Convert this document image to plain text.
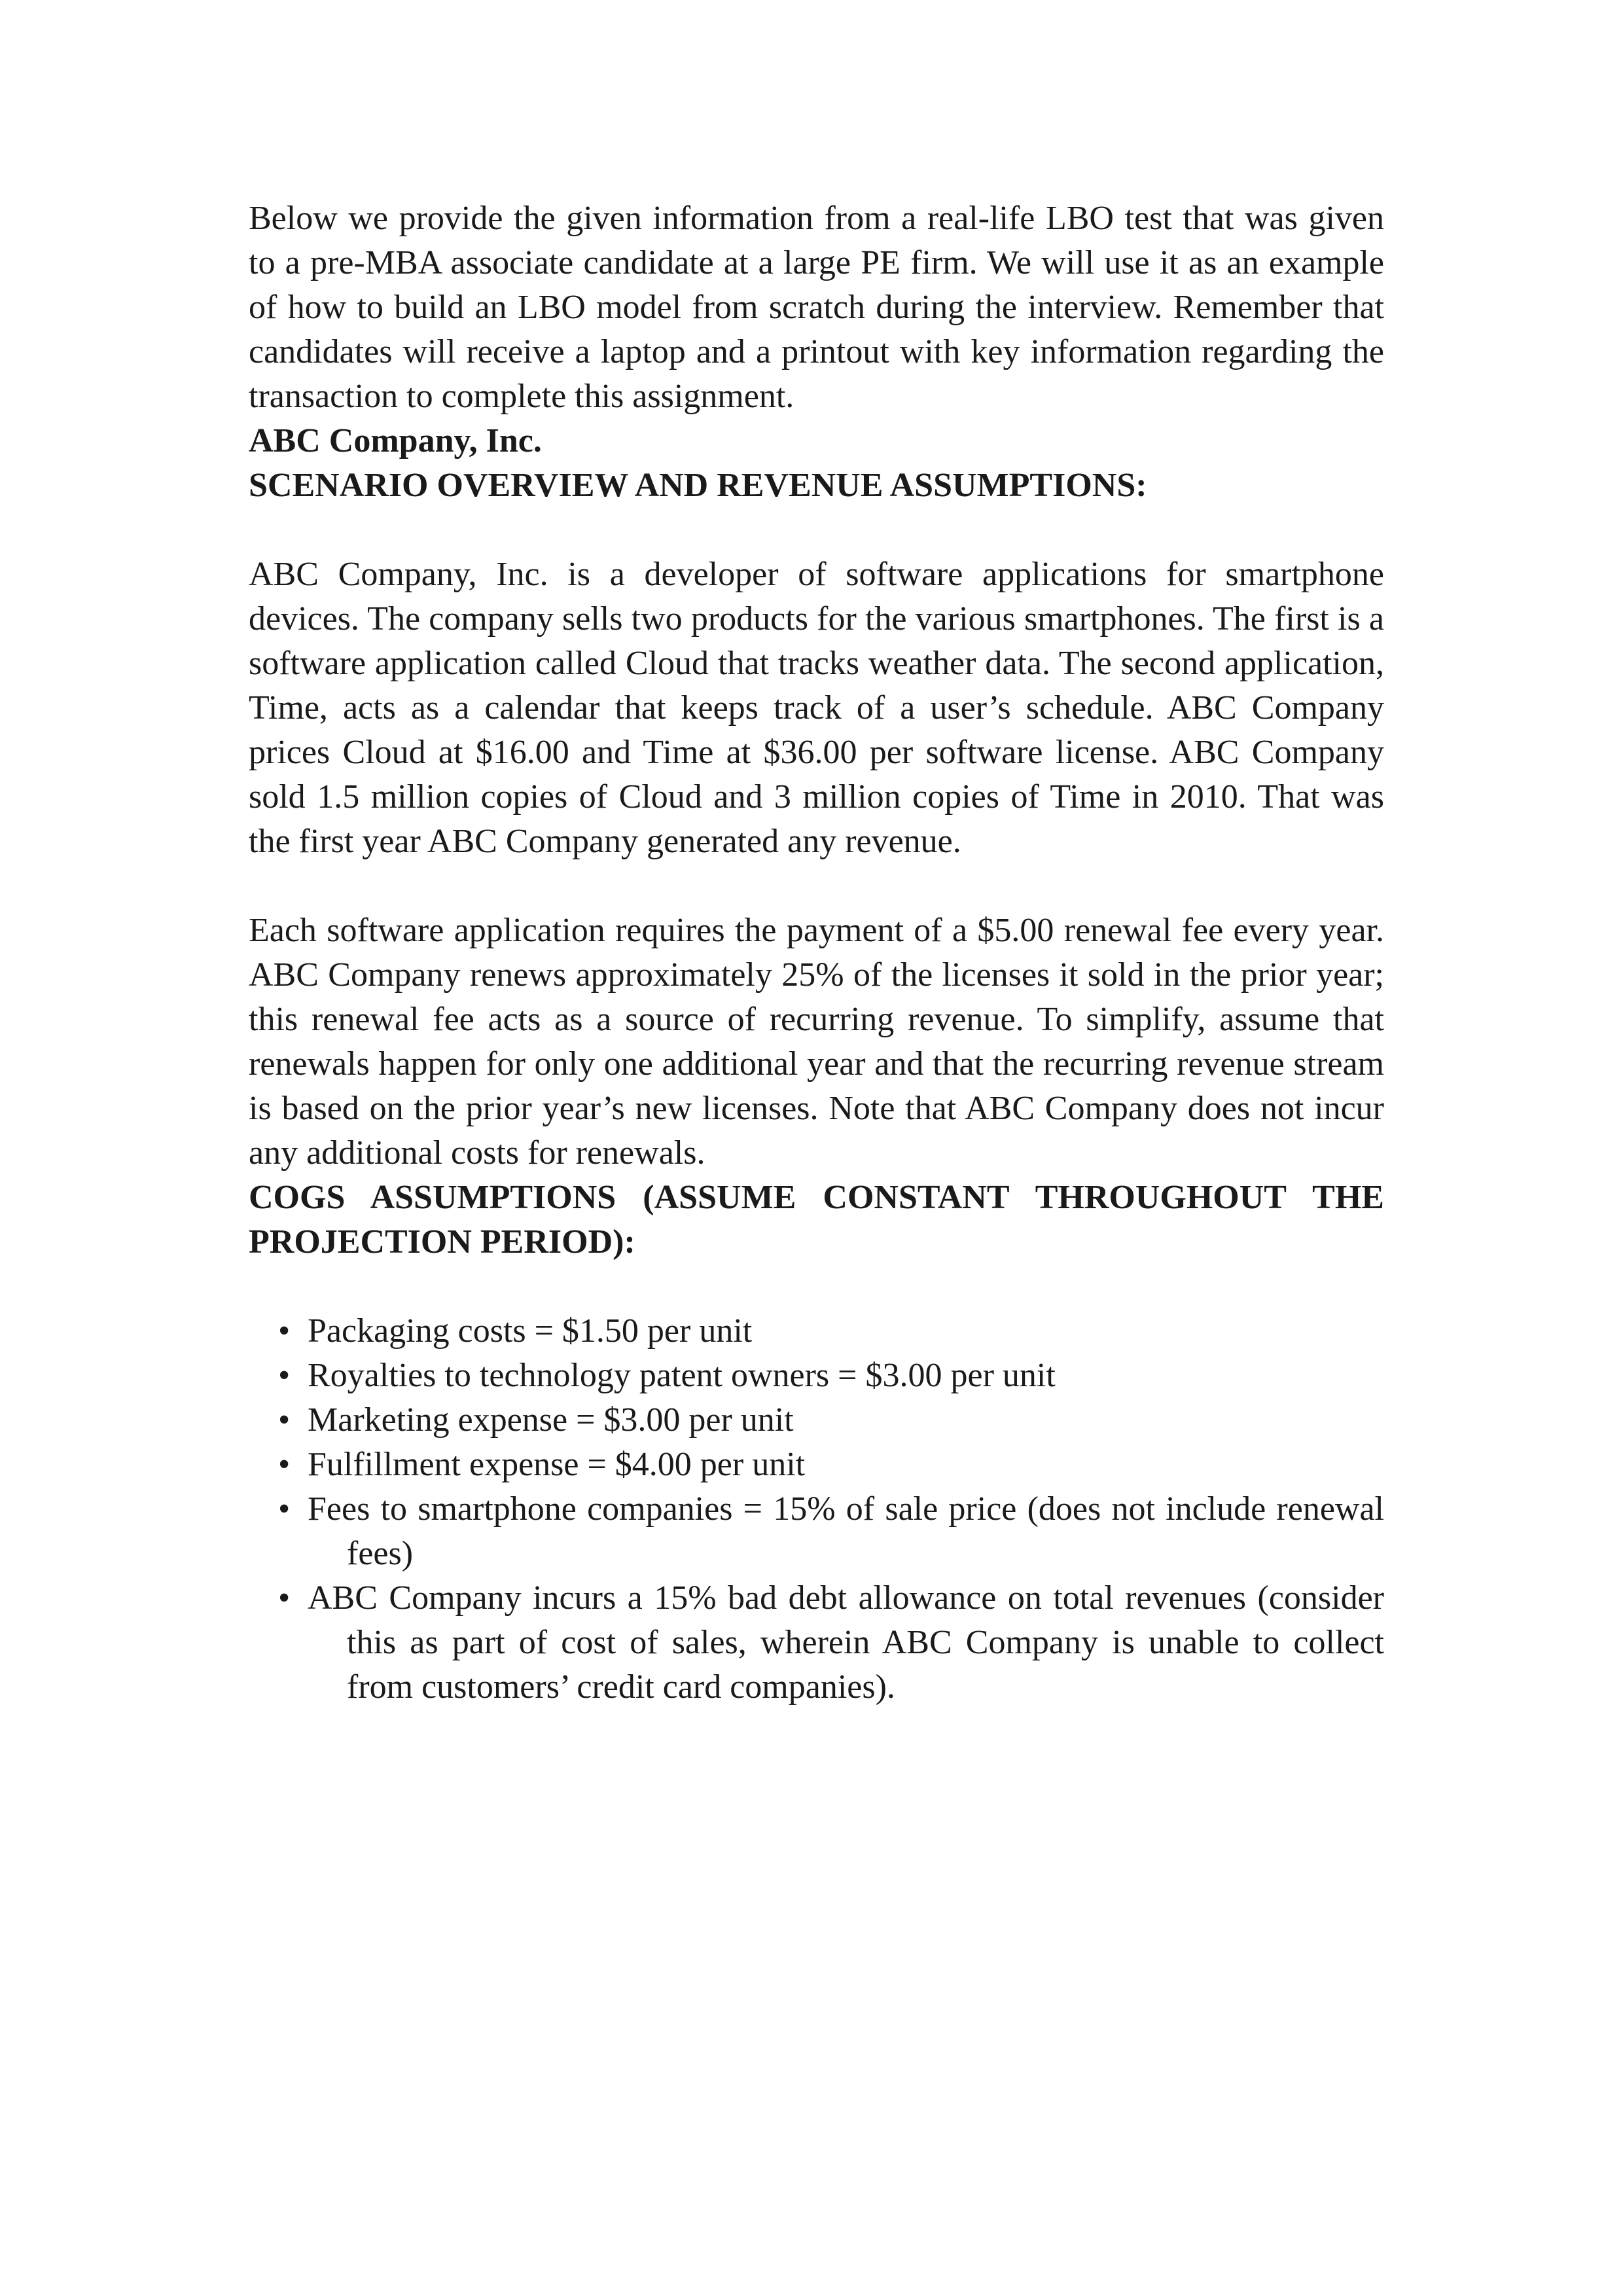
Below we provide the given information from a real-life LBO test that was given to a pre-MBA associate candidate at a large PE firm. We will use it as an example of how to build an LBO model from scratch during the interview. Remember that candidates will receive a laptop and a printout with key information regarding the transaction to complete this assignment.

ABC Company, Inc.

SCENARIO OVERVIEW AND REVENUE ASSUMPTIONS:

ABC Company, Inc. is a developer of software applications for smartphone devices. The company sells two products for the various smartphones. The first is a software application called Cloud that tracks weather data. The second application, Time, acts as a calendar that keeps track of a user’s schedule. ABC Company prices Cloud at $16.00 and Time at $36.00 per software license. ABC Company sold 1.5 million copies of Cloud and 3 million copies of Time in 2010. That was the first year ABC Company generated any revenue.

Each software application requires the payment of a $5.00 renewal fee every year. ABC Company renews approximately 25% of the licenses it sold in the prior year; this renewal fee acts as a source of recurring revenue. To simplify, assume that renewals happen for only one additional year and that the recurring revenue stream is based on the prior year’s new licenses. Note that ABC Company does not incur any additional costs for renewals.

COGS ASSUMPTIONS (ASSUME CONSTANT THROUGHOUT THE PROJECTION PERIOD):

• Packaging costs = $1.50 per unit
• Royalties to technology patent owners = $3.00 per unit
• Marketing expense = $3.00 per unit
• Fulfillment expense = $4.00 per unit
• Fees to smartphone companies = 15% of sale price (does not include renewal fees)
• ABC Company incurs a 15% bad debt allowance on total revenues (consider this as part of cost of sales, wherein ABC Company is unable to collect from customers’ credit card companies).
